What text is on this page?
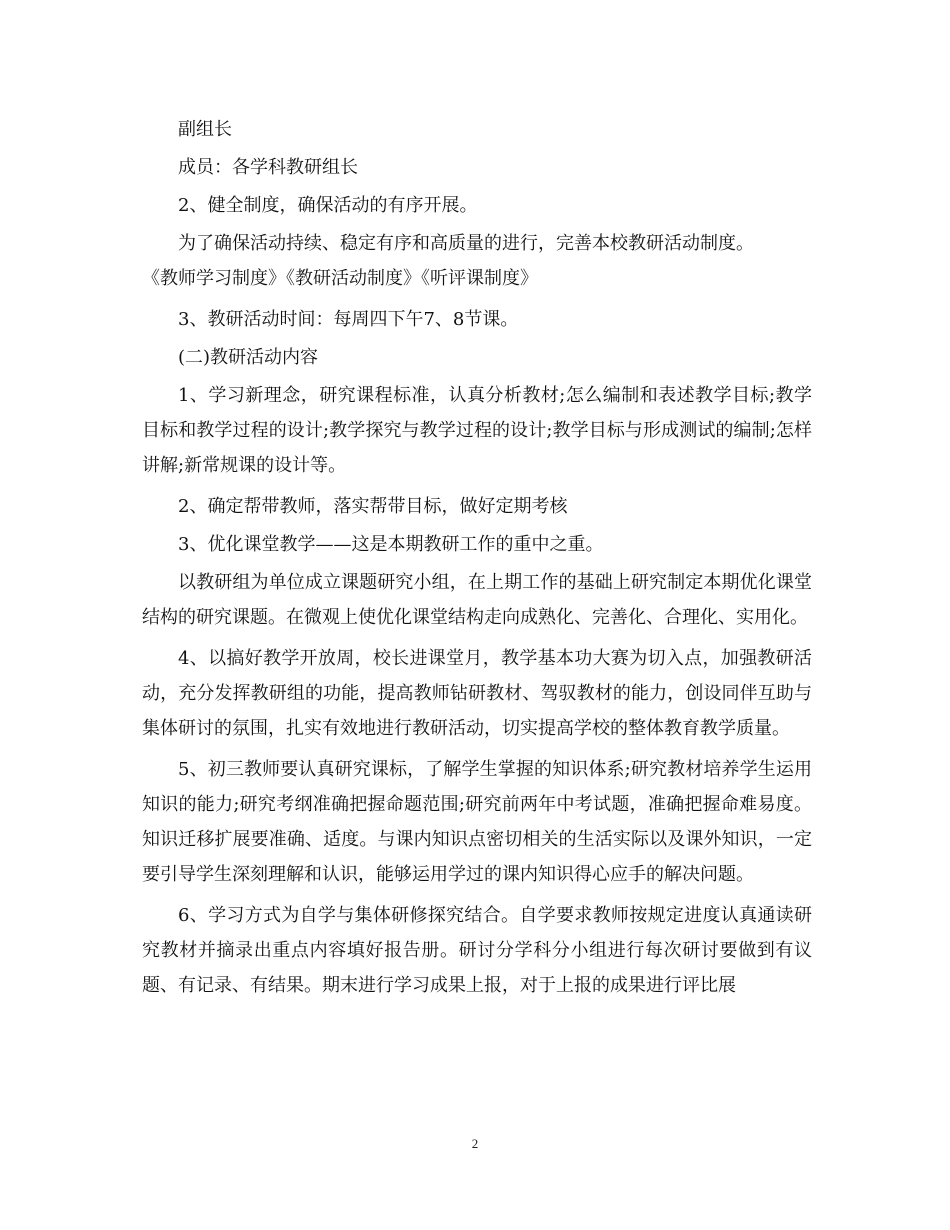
副组长

成员：各学科教研组长

2、健全制度，确保活动的有序开展。

为了确保活动持续、稳定有序和高质量的进行，完善本校教研活动制度。

《教师学习制度》《教研活动制度》《听评课制度》

3、教研活动时间：每周四下午7、8节课。

(二)教研活动内容

1、学习新理念，研究课程标准，认真分析教材;怎么编制和表述教学目标;教学目标和教学过程的设计;教学探究与教学过程的设计;教学目标与形成测试的编制;怎样讲解;新常规课的设计等。

2、确定帮带教师，落实帮带目标，做好定期考核

3、优化课堂教学——这是本期教研工作的重中之重。

以教研组为单位成立课题研究小组，在上期工作的基础上研究制定本期优化课堂结构的研究课题。在微观上使优化课堂结构走向成熟化、完善化、合理化、实用化。

4、以搞好教学开放周，校长进课堂月，教学基本功大赛为切入点，加强教研活动，充分发挥教研组的功能，提高教师钻研教材、驾驭教材的能力，创设同伴互助与集体研讨的氛围，扎实有效地进行教研活动，切实提高学校的整体教育教学质量。

5、初三教师要认真研究课标，了解学生掌握的知识体系;研究教材培养学生运用知识的能力;研究考纲准确把握命题范围;研究前两年中考试题，准确把握命难易度。知识迁移扩展要准确、适度。与课内知识点密切相关的生活实际以及课外知识，一定要引导学生深刻理解和认识，能够运用学过的课内知识得心应手的解决问题。

6、学习方式为自学与集体研修探究结合。自学要求教师按规定进度认真通读研究教材并摘录出重点内容填好报告册。研讨分学科分小组进行每次研讨要做到有议题、有记录、有结果。期末进行学习成果上报，对于上报的成果进行评比展

2
